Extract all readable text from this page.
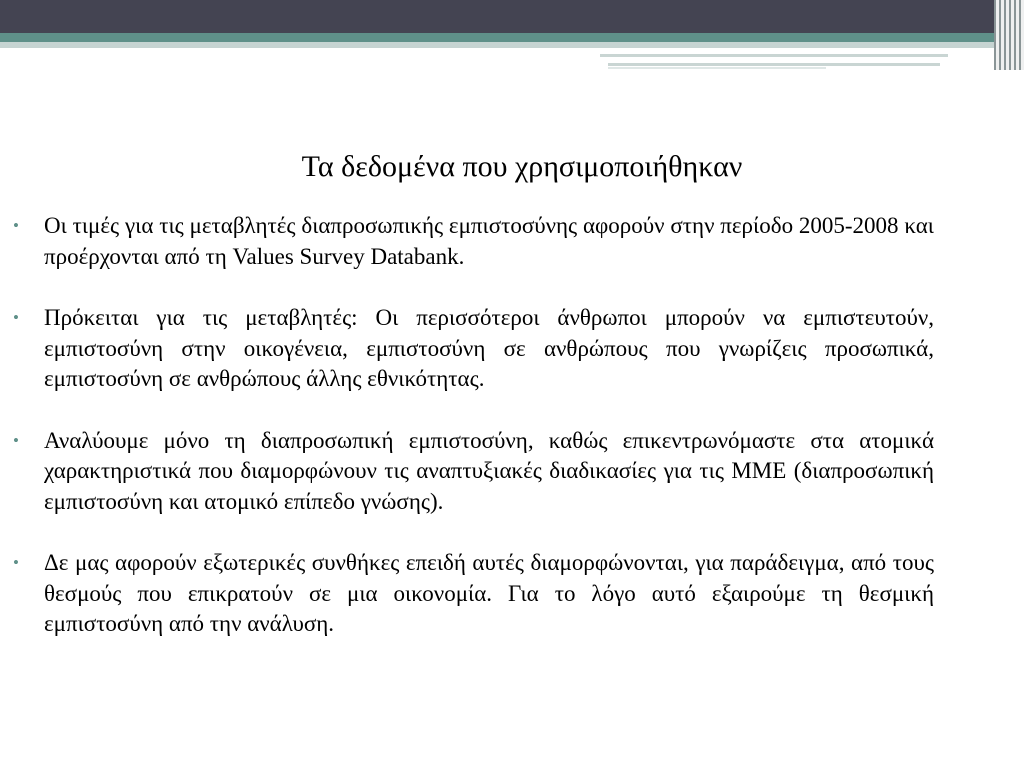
Τα δεδομένα που χρησιμοποιήθηκαν
• Οι τιμές για τις μεταβλητές διαπροσωπικής εμπιστοσύνης αφορούν στην περίοδο 2005-2008 και προέρχονται από τη Values Survey Databank.
• Πρόκειται για τις μεταβλητές: Οι περισσότεροι άνθρωποι μπορούν να εμπιστευτούν, εμπιστοσύνη στην οικογένεια, εμπιστοσύνη σε ανθρώπους που γνωρίζεις προσωπικά, εμπιστοσύνη σε ανθρώπους άλλης εθνικότητας.
• Αναλύουμε μόνο τη διαπροσωπική εμπιστοσύνη, καθώς επικεντρωνόμαστε στα ατομικά χαρακτηριστικά που διαμορφώνουν τις αναπτυξιακές διαδικασίες για τις ΜΜΕ (διαπροσωπική εμπιστοσύνη και ατομικό επίπεδο γνώσης).
• Δε μας αφορούν εξωτερικές συνθήκες επειδή αυτές διαμορφώνονται, για παράδειγμα, από τους θεσμούς που επικρατούν σε μια οικονομία. Για το λόγο αυτό εξαιρούμε τη θεσμική εμπιστοσύνη από την ανάλυση.
